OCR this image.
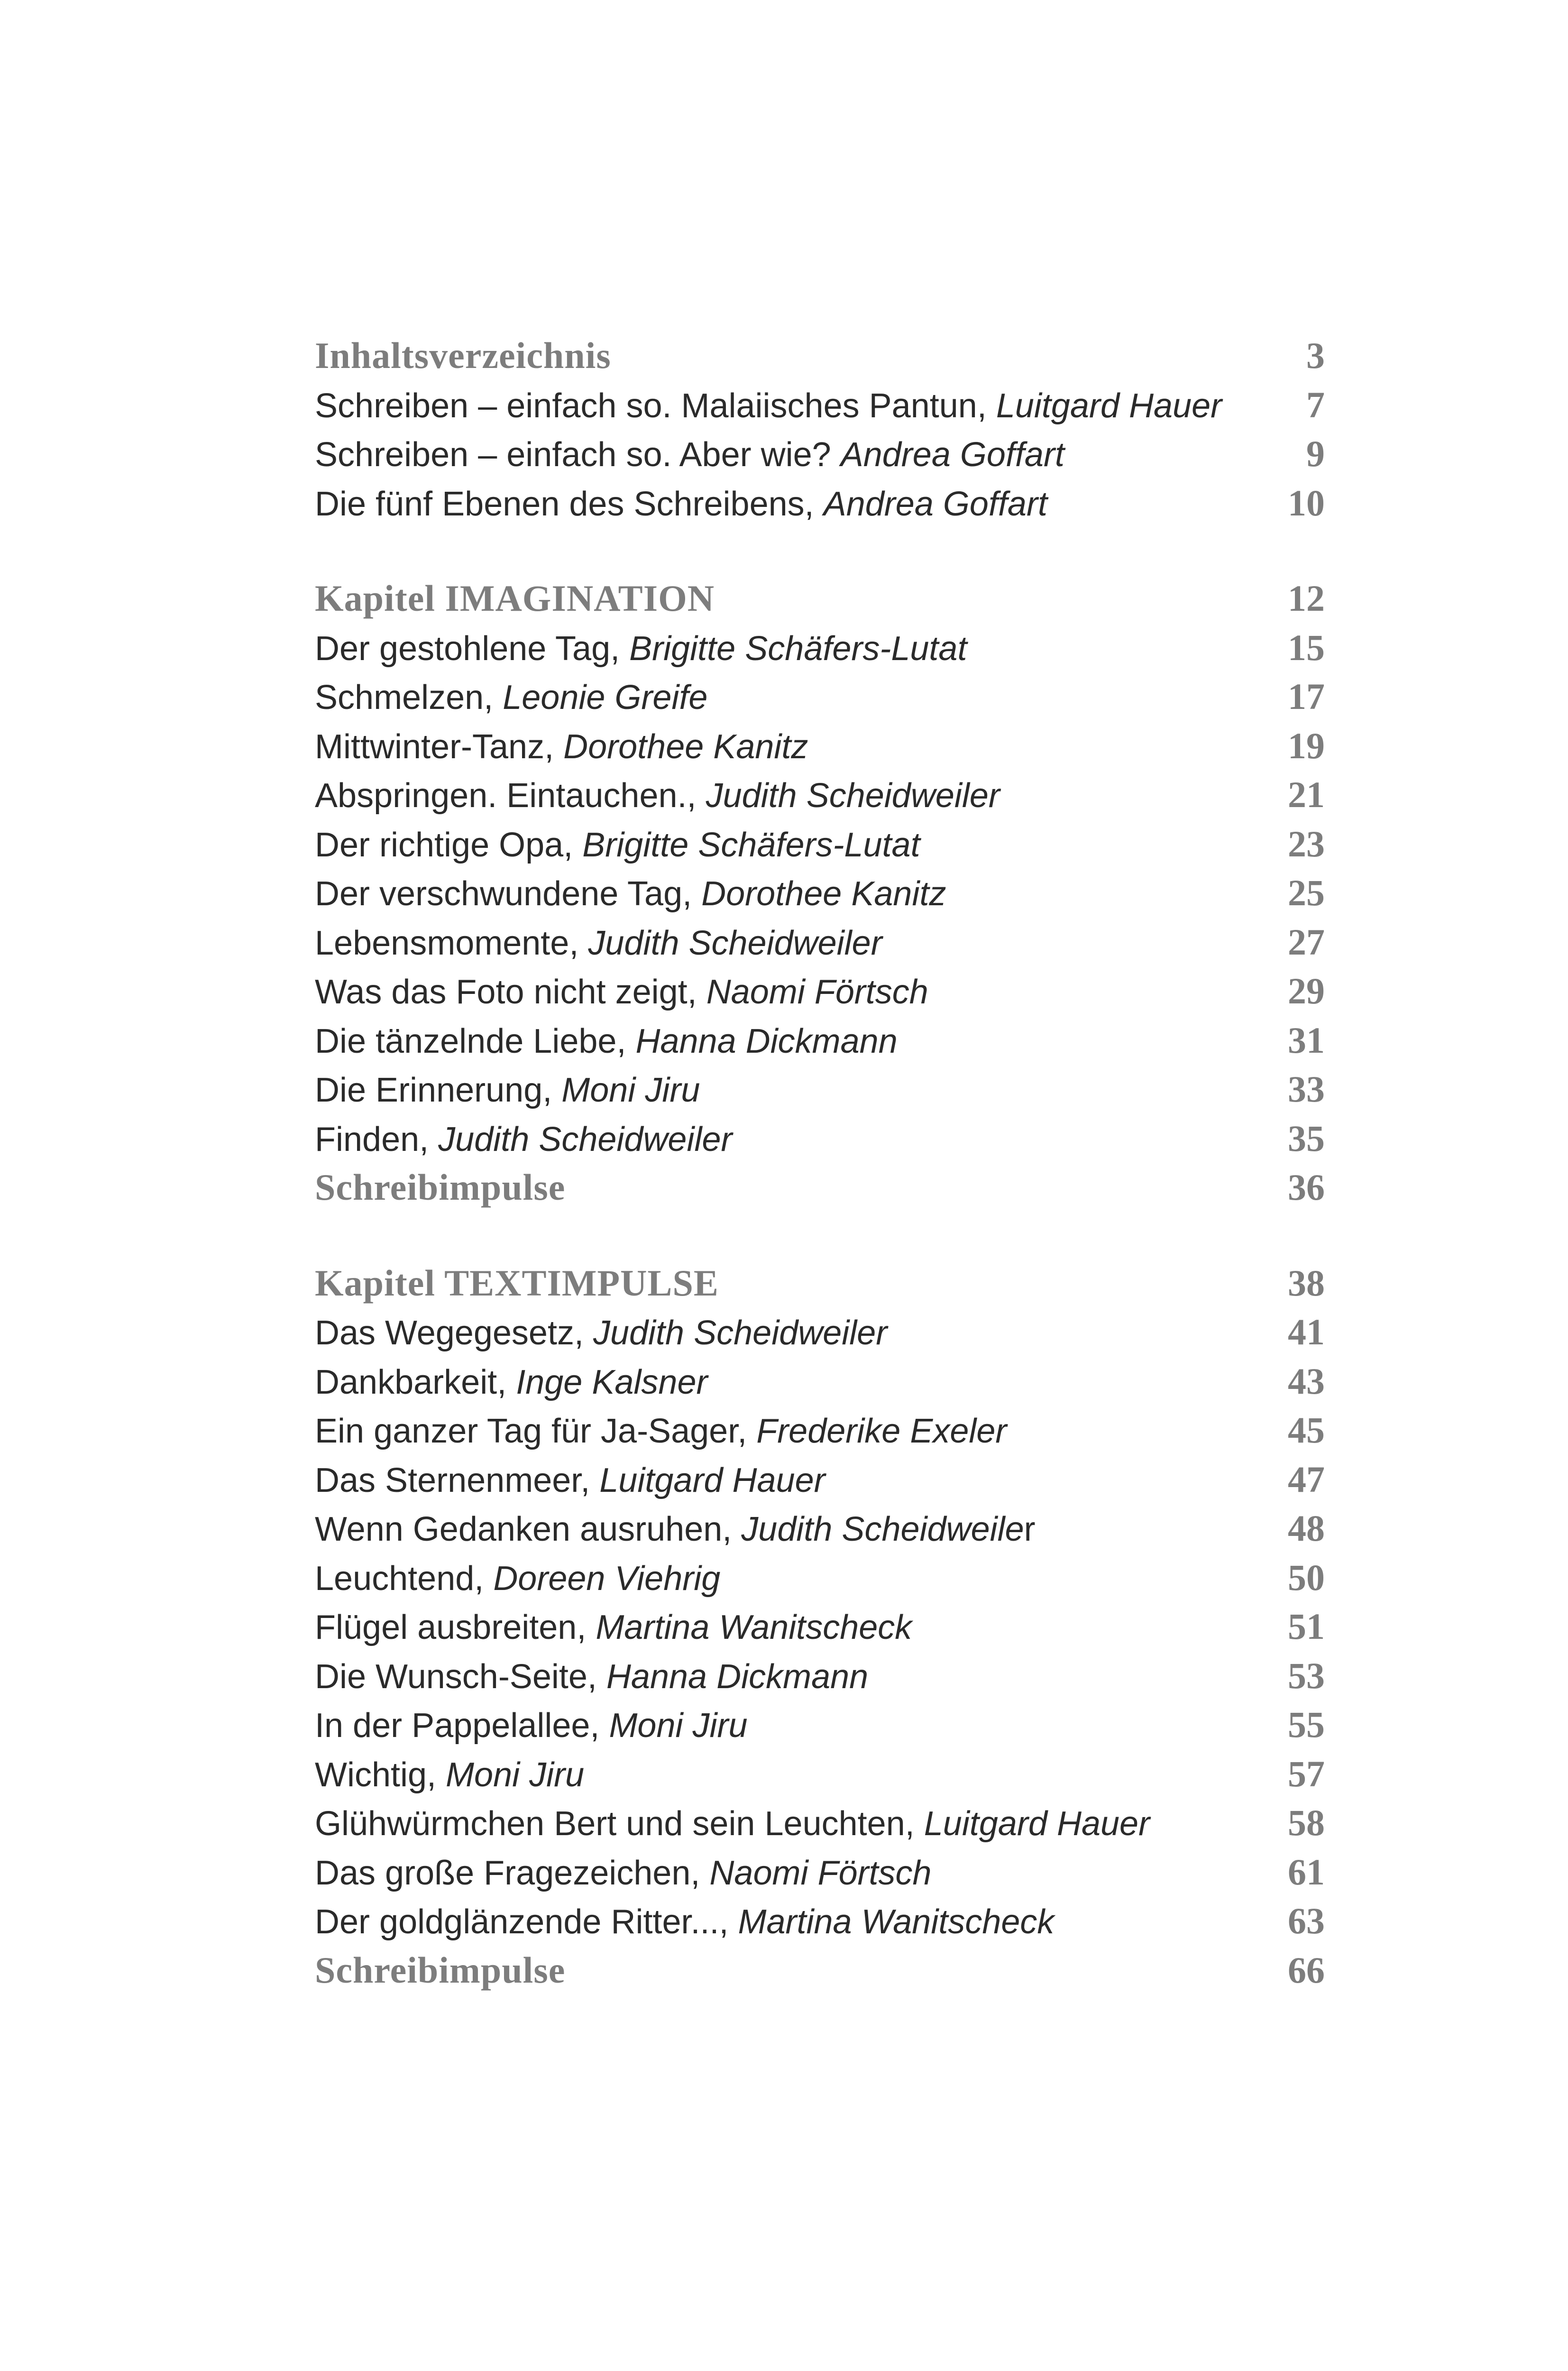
Inhaltsverzeichnis	3
Schreiben – einfach so. Malaiisches Pantun, Luitgard Hauer	7
Schreiben – einfach so. Aber wie? Andrea Goffart	9
Die fünf Ebenen des Schreibens, Andrea Goffart	10
Kapitel IMAGINATION	12
Der gestohlene Tag, Brigitte Schäfers-Lutat	15
Schmelzen, Leonie Greife	17
Mittwinter-Tanz, Dorothee Kanitz	19
Abspringen. Eintauchen., Judith Scheidweiler	21
Der richtige Opa, Brigitte Schäfers-Lutat	23
Der verschwundene Tag, Dorothee Kanitz	25
Lebensmomente, Judith Scheidweiler	27
Was das Foto nicht zeigt, Naomi Förtsch	29
Die tänzelnde Liebe, Hanna Dickmann	31
Die Erinnerung, Moni Jiru	33
Finden, Judith Scheidweiler	35
Schreibimpulse	36
Kapitel TEXTIMPULSE	38
Das Wegegesetz, Judith Scheidweiler	41
Dankbarkeit, Inge Kalsner	43
Ein ganzer Tag für Ja-Sager, Frederike Exeler	45
Das Sternenmeer, Luitgard Hauer	47
Wenn Gedanken ausruhen, Judith Scheidweiler	48
Leuchtend, Doreen Viehrig	50
Flügel ausbreiten, Martina Wanitscheck	51
Die Wunsch-Seite, Hanna Dickmann	53
In der Pappelallee, Moni Jiru	55
Wichtig, Moni Jiru	57
Glühwürmchen Bert und sein Leuchten, Luitgard Hauer	58
Das große Fragezeichen, Naomi Förtsch	61
Der goldglänzende Ritter..., Martina Wanitscheck	63
Schreibimpulse	66
